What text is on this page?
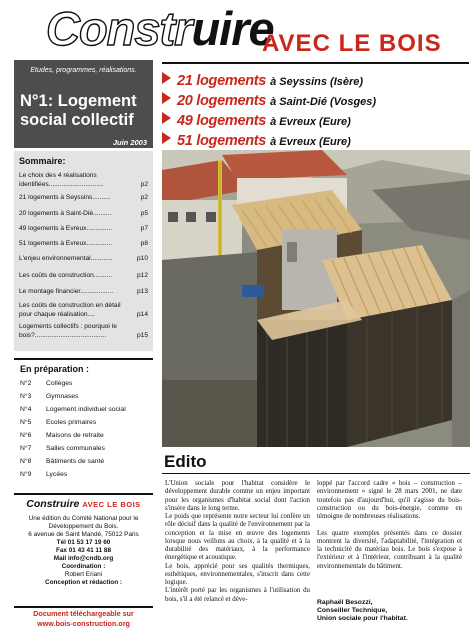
Construire
AVEC LE BOIS
Etudes, programmes, réalisations.
N°1: Logement social collectif
Juin 2003
21 logements à Seyssins (Isère)
20 logements à Saint-Dié (Vosges)
49 logements à Evreux (Eure)
51 logements à Evreux (Eure)
Sommaire:
Le choix des 4 réalisations identifiées..............................	p2
21 logements à Seyssins..........	p2
20 logements à Saint-Dié..........	p5
49 logements à Evreux..............	p7
51 logements à Evreux..............	p8
L'enjeu environnemental............	p10
Les coûts de construction..........	p12
Le montage financier..................	p13
Les coûts de construction en détail pour chaque réalisation....	p14
Logements collectifs : pourquoi le bois?.......................................	p15
En préparation :
N°2 Collèges
N°3 Gymnases
N°4 Logement individuel social
N°5 Ecoles primaires
N°6 Maisons de retraite
N°7 Salles communales
N°8 Bâtiments de santé
N°9 Lycées
Construire AVEC LE BOIS
Une édition du Comité National pour le
Développement du Bois.
6 avenue de Saint Mandé, 75012 Paris
Tél 01 53 17 19 60
Fax 01 43 41 11 88
Mail info@cndb.org
Coordination :
Robert Eriani
Conception et rédaction :
Document téléchargeable sur
www.bois-construction.org
Edito
L'Union sociale pour l'habitat considère le développement durable comme un enjeu important pour les organismes d'habitat social dont l'action s'insère dans le long terme.
Le poids que représente notre secteur lui confère un rôle décisif dans la qualité de l'environnement par la conception et la mise en œuvre des logements lorsque nous veillons au choix, à la qualité et à la durabilité des matériaux, à la performance énergétique et acoustique.
Le bois, apprécié pour ses qualités thermiques, esthétiques, environnementales, s'inscrit dans cette logique.
L'intérêt porté par les organismes à l'utilisation du bois, s'il a été relancé et déve-
loppé par l'accord cadre « bois – construction – environnement » signé le 28 mars 2001, ne date toutefois pas d'aujourd'hui, qu'il s'agisse du bois-construction ou du bois-énergie, comme en témoigne de nombreuses réalisations.

Les quatre exemples présentés dans ce dossier montrent la diversité, l'adaptabilité, l'intégration et la technicité du matériau bois. Le bois s'expose à l'extérieur et à l'intérieur, contribuant à la qualité environnementale du bâtiment.
Raphaël Besozzi,
Conseiller Technique,
Union sociale pour l'habitat.
